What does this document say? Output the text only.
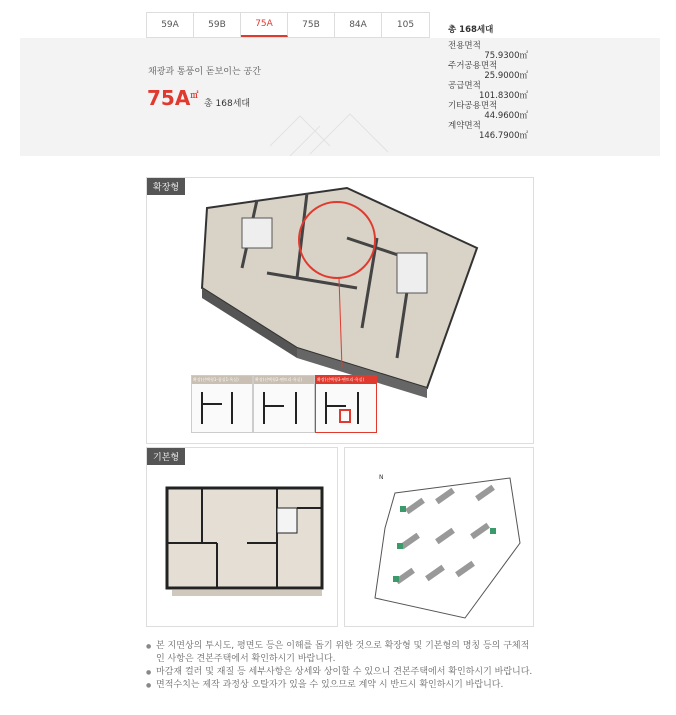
59A	59B	75A	75B	84A	105
채광과 통풍이 돋보이는 공간
75A㎡
총 168세대
총 168세대
전용면적
75.9300㎡
주거공용면적
25.9000㎡
공급면적
101.8300㎡
기타공용면적
44.9600㎡
계약면적
146.7900㎡
확장형
확장(선택형1-침실1·욕실)	확장(선택형2-팬트리·욕실)	확장(선택형3-팬트리·욕실)
기본형
N
● 본 지면상의 투시도, 평면도 등은 이해를 돕기 위한 것으로 확장형 및 기본형의 명칭 등의 구체적인 사항은 견본주택에서 확인하시기 바랍니다.
● 마감재 컬러 및 재질 등 세부사항은 상세와 상이할 수 있으니 견본주택에서 확인하시기 바랍니다.
● 면적수치는 제작 과정상 오탈자가 있을 수 있으므로 계약 시 반드시 확인하시기 바랍니다.
